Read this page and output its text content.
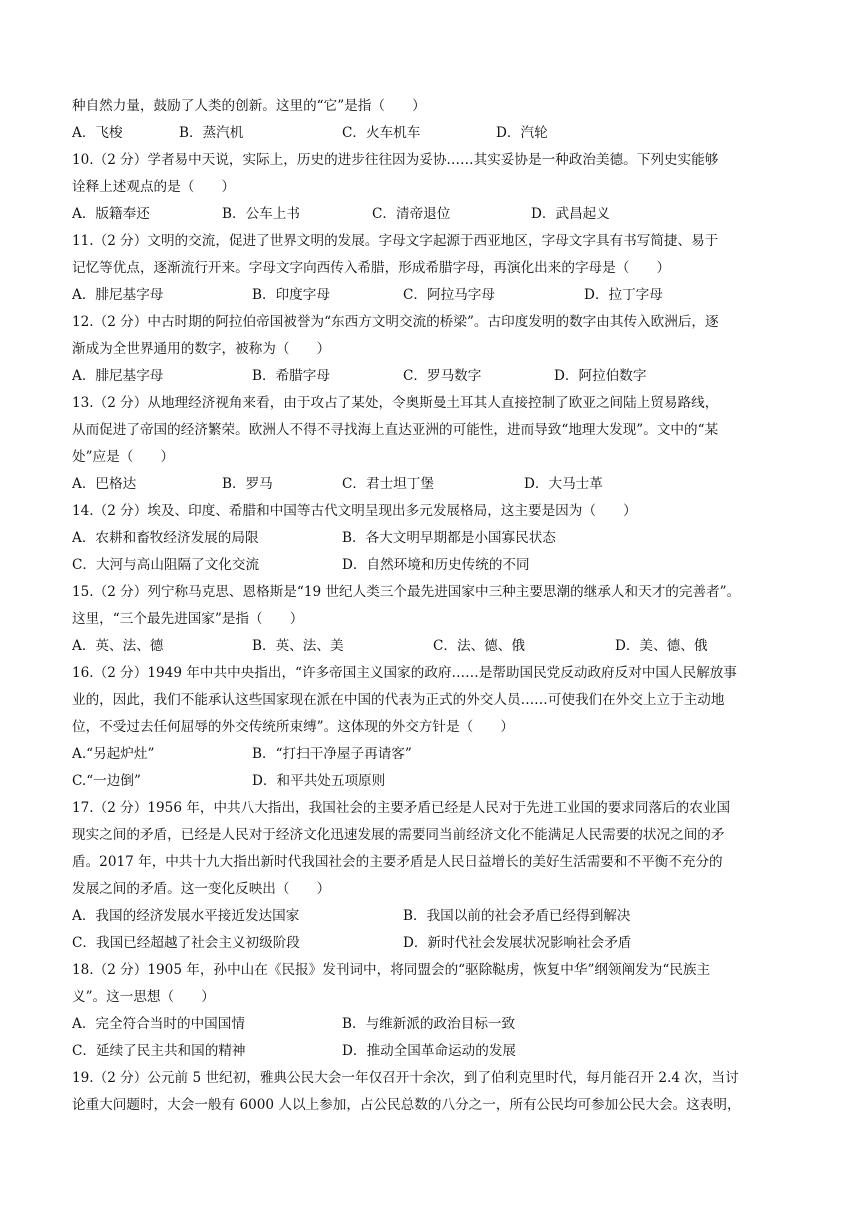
种自然力量，鼓励了人类的创新。这里的“它”是指（　　）
A．飞梭	B．蒸汽机	C．火车机车	D．汽轮
10.（2 分）学者易中天说，实际上，历史的进步往往因为妥协……其实妥协是一种政治美德。下列史实能够
诠释上述观点的是（　　）
A．版籍奉还	B．公车上书	C．清帝退位	D．武昌起义
11.（2 分）文明的交流，促进了世界文明的发展。字母文字起源于西亚地区，字母文字具有书写简捷、易于
记忆等优点，逐渐流行开来。字母文字向西传入希腊，形成希腊字母，再演化出来的字母是（　　）
A．腓尼基字母	B．印度字母	C．阿拉马字母	D．拉丁字母
12.（2 分）中古时期的阿拉伯帝国被誉为“东西方文明交流的桥梁”。古印度发明的数字由其传入欧洲后，逐
渐成为全世界通用的数字，被称为（　　）
A．腓尼基字母	B．希腊字母	C．罗马数字	D．阿拉伯数字
13.（2 分）从地理经济视角来看，由于攻占了某处，令奥斯曼土耳其人直接控制了欧亚之间陆上贸易路线，
从而促进了帝国的经济繁荣。欧洲人不得不寻找海上直达亚洲的可能性，进而导致“地理大发现”。文中的“某
处”应是（　　）
A．巴格达	B．罗马	C．君士坦丁堡	D．大马士革
14.（2 分）埃及、印度、希腊和中国等古代文明呈现出多元发展格局，这主要是因为（　　）
A．农耕和畜牧经济发展的局限	B．各大文明早期都是小国寡民状态
C．大河与高山阻隔了文化交流	D．自然环境和历史传统的不同
15.（2 分）列宁称马克思、恩格斯是“19 世纪人类三个最先进国家中三种主要思潮的继承人和天才的完善者”。
这里，“三个最先进国家”是指（　　）
A．英、法、德	B．英、法、美	C．法、德、俄	D．美、德、俄
16.（2 分）1949 年中共中央指出，“许多帝国主义国家的政府……是帮助国民党反动政府反对中国人民解放事
业的，因此，我们不能承认这些国家现在派在中国的代表为正式的外交人员……可使我们在外交上立于主动地
位，不受过去任何屈辱的外交传统所束缚”。这体现的外交方针是（　　）
A.“另起炉灶”	B．“打扫干净屋子再请客”
C.“一边倒”	D．和平共处五项原则
17.（2 分）1956 年，中共八大指出，我国社会的主要矛盾已经是人民对于先进工业国的要求同落后的农业国
现实之间的矛盾，已经是人民对于经济文化迅速发展的需要同当前经济文化不能满足人民需要的状况之间的矛
盾。2017 年，中共十九大指出新时代我国社会的主要矛盾是人民日益增长的美好生活需要和不平衡不充分的
发展之间的矛盾。这一变化反映出（　　）
A．我国的经济发展水平接近发达国家	B．我国以前的社会矛盾已经得到解决
C．我国已经超越了社会主义初级阶段	D．新时代社会发展状况影响社会矛盾
18.（2 分）1905 年，孙中山在《民报》发刊词中，将同盟会的“驱除鞑虏，恢复中华”纲领阐发为“民族主
义”。这一思想（　　）
A．完全符合当时的中国国情	B．与维新派的政治目标一致
C．延续了民主共和国的精神	D．推动全国革命运动的发展
19.（2 分）公元前 5 世纪初，雅典公民大会一年仅召开十余次，到了伯利克里时代，每月能召开 2.4 次，当讨
论重大问题时，大会一般有 6000 人以上参加，占公民总数的八分之一，所有公民均可参加公民大会。这表明，
